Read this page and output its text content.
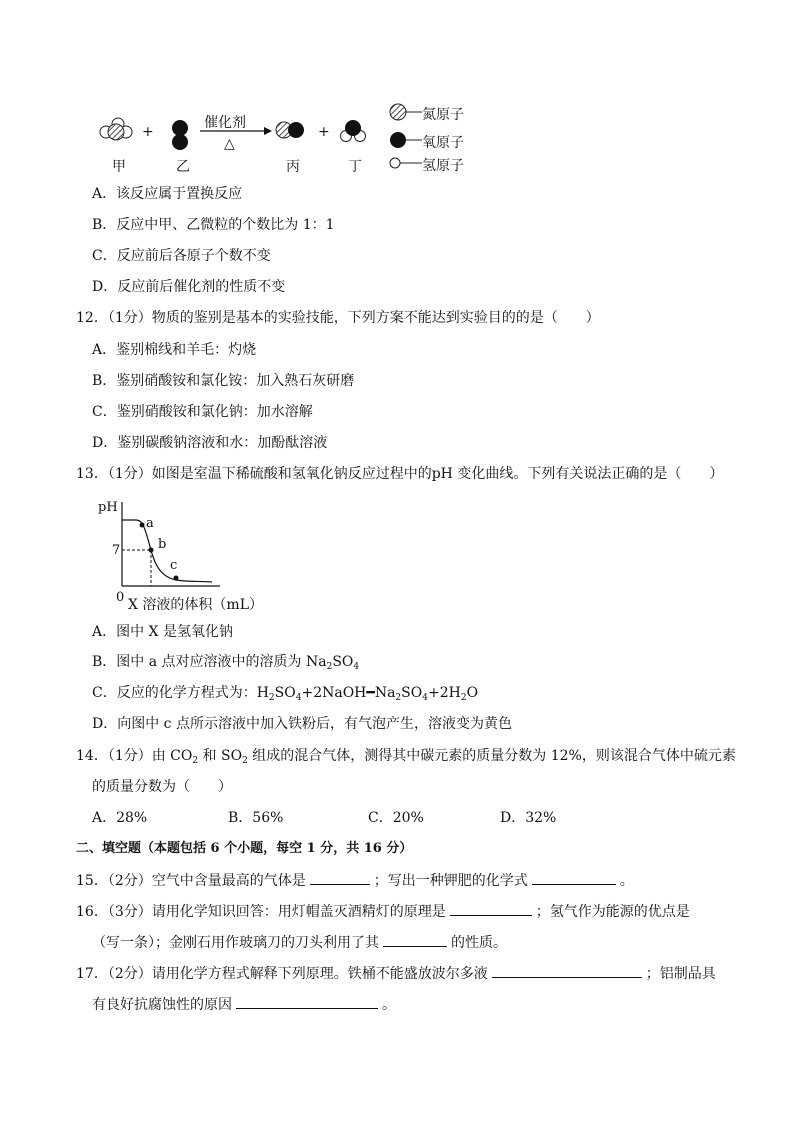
+	+
催化剂
△
甲	乙	丙	丁
氮原子
氧原子
氢原子
A．该反应属于置换反应
B．反应中甲、乙微粒的个数比为 1：1
C．反应前后各原子个数不变
D．反应前后催化剂的性质不变
12．（1分）物质的鉴别是基本的实验技能，下列方案不能达到实验目的的是（　　）
A．鉴别棉线和羊毛：灼烧
B．鉴别硝酸铵和氯化铵：加入熟石灰研磨
C．鉴别硝酸铵和氯化钠：加水溶解
D．鉴别碳酸钠溶液和水：加酚酞溶液
13．（1分）如图是室温下稀硫酸和氢氧化钠反应过程中的pH 变化曲线。下列有关说法正确的是（　　）
pH
7
0
a
b
c
X 溶液的体积（mL）
A．图中 X 是氢氧化钠
B．图中 a 点对应溶液中的溶质为 $Na_2SO_4$
C．反应的化学方程式为：$H_2SO_4+2NaOH━Na_2SO_4+2H_2O$
D．向图中 c 点所示溶液中加入铁粉后，有气泡产生，溶液变为黄色
14．（1分）由 $CO_2$ 和 $SO_2$ 组成的混合气体，测得其中碳元素的质量分数为 12%，则该混合气体中硫元素
的质量分数为（　　）
A．28%	B．56%	C．20%	D．32%
二、填空题（本题包括 6 个小题，每空 1 分，共 16 分）
15．（2分）空气中含量最高的气体是	；写出一种钾肥的化学式	。
16．（3分）请用化学知识回答：用灯帽盖灭酒精灯的原理是	；氢气作为能源的优点是
（写一条）；金刚石用作玻璃刀的刀头利用了其	的性质。
17．（2分）请用化学方程式解释下列原理。铁桶不能盛放波尔多液	；铝制品具
有良好抗腐蚀性的原因	。
